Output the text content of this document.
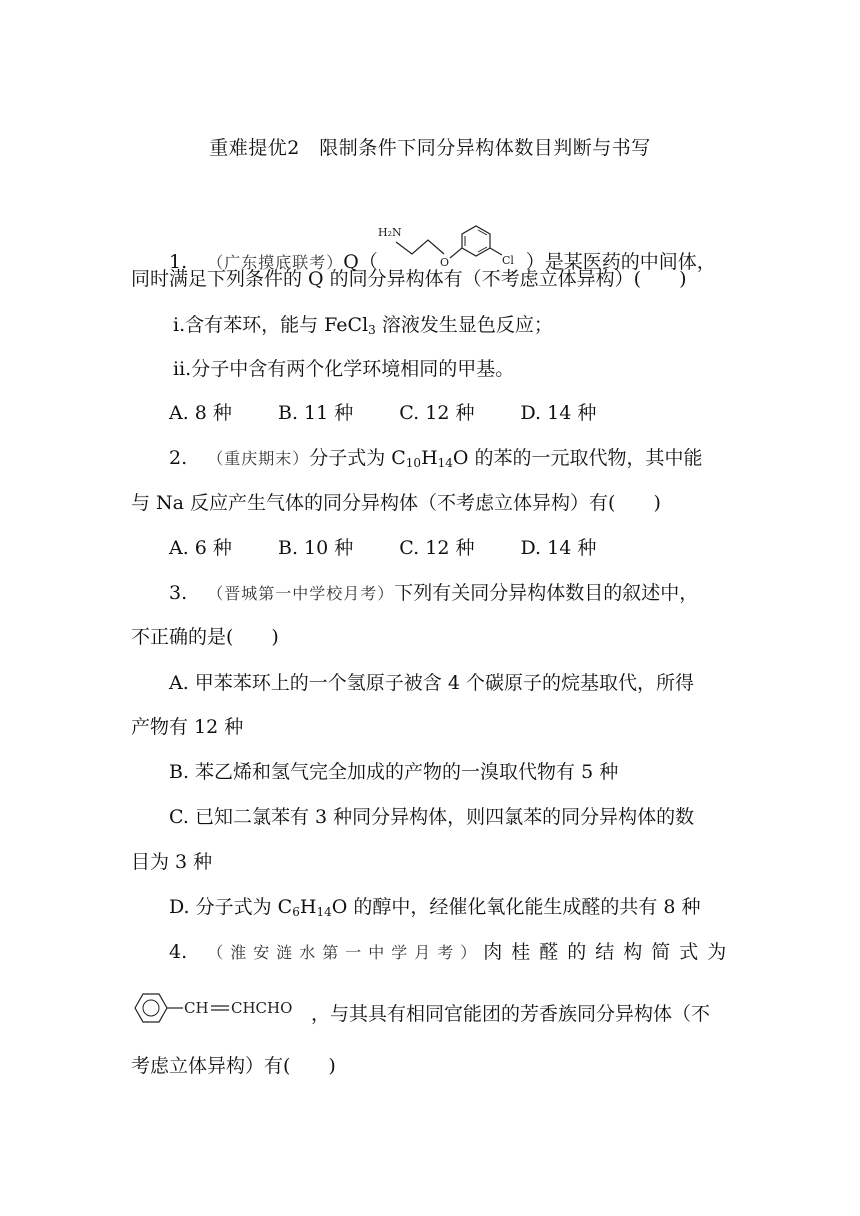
重难提优2　限制条件下同分异构体数目判断与书写
1. （广东摸底联考）Q（
H₂N
O	Cl ）是某医药的中间体，
同时满足下列条件的 Q 的同分异构体有（不考虑立体异构）(　　)
ⅰ.含有苯环，能与 FeCl$_3$ 溶液发生显色反应；
ⅱ.分子中含有两个化学环境相同的甲基。
A. 8 种 B. 11 种 C. 12 种 D. 14 种
2. （重庆期末）分子式为 $C_{10}H_{14}O$ 的苯的一元取代物，其中能
与 Na 反应产生气体的同分异构体（不考虑立体异构）有(　　)
A. 6 种 B. 10 种 C. 12 种 D. 14 种
3. （晋城第一中学校月考）下列有关同分异构体数目的叙述中，
不正确的是(　　)
A. 甲苯苯环上的一个氢原子被含 4 个碳原子的烷基取代，所得
产物有 12 种
B. 苯乙烯和氢气完全加成的产物的一溴取代物有 5 种
C. 已知二氯苯有 3 种同分异构体，则四氯苯的同分异构体的数
目为 3 种
D. 分子式为 $C_6H_{14}O$ 的醇中，经催化氧化能生成醛的共有 8 种
4. （淮安涟水第一中学月考）肉桂醛的结构简式为
CH CHCHO ，与其具有相同官能团的芳香族同分异构体（不
考虑立体异构）有(　　)
